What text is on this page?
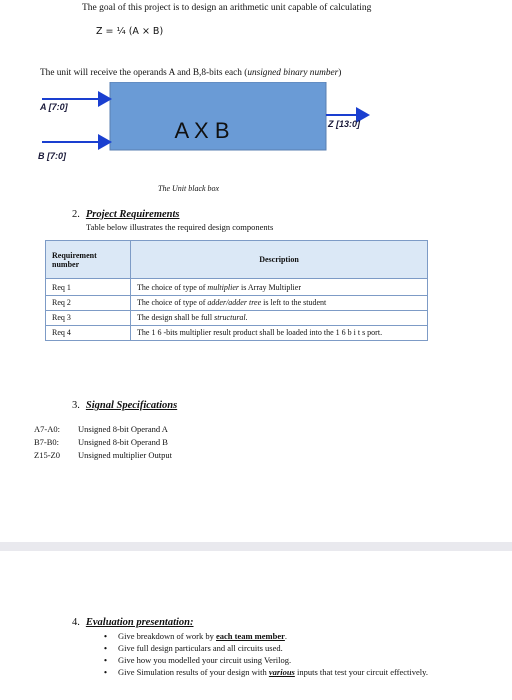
The goal of this project is to design an arithmetic unit capable of calculating
Z = ¹⁄₄ (A × B)
The unit will receive the operands A and B,8-bits each (unsigned binary number)
A [7:0]
B [7:0]
Z [13:0]
A X B
The Unit black box
2. Project Requirements
Table below illustrates the required design components
Requirement
number	Description
Req 1	The choice of type of multiplier is Array Multiplier
Req 2	The choice of type of adder/adder tree is left to the student
Req 3	The design shall be full structural.
Req 4	The 1 6 -bits multiplier result product shall be loaded into the 1 6 b i t s port.
3. Signal Specifications
A7-A0: Unsigned 8-bit Operand A
B7-B0: Unsigned 8-bit Operand B
Z15-Z0 Unsigned multiplier Output
4. Evaluation presentation:
• Give breakdown of work by each team member.
• Give full design particulars and all circuits used.
• Give how you modelled your circuit using Verilog.
• Give Simulation results of your design with various inputs that test your circuit effectively.
